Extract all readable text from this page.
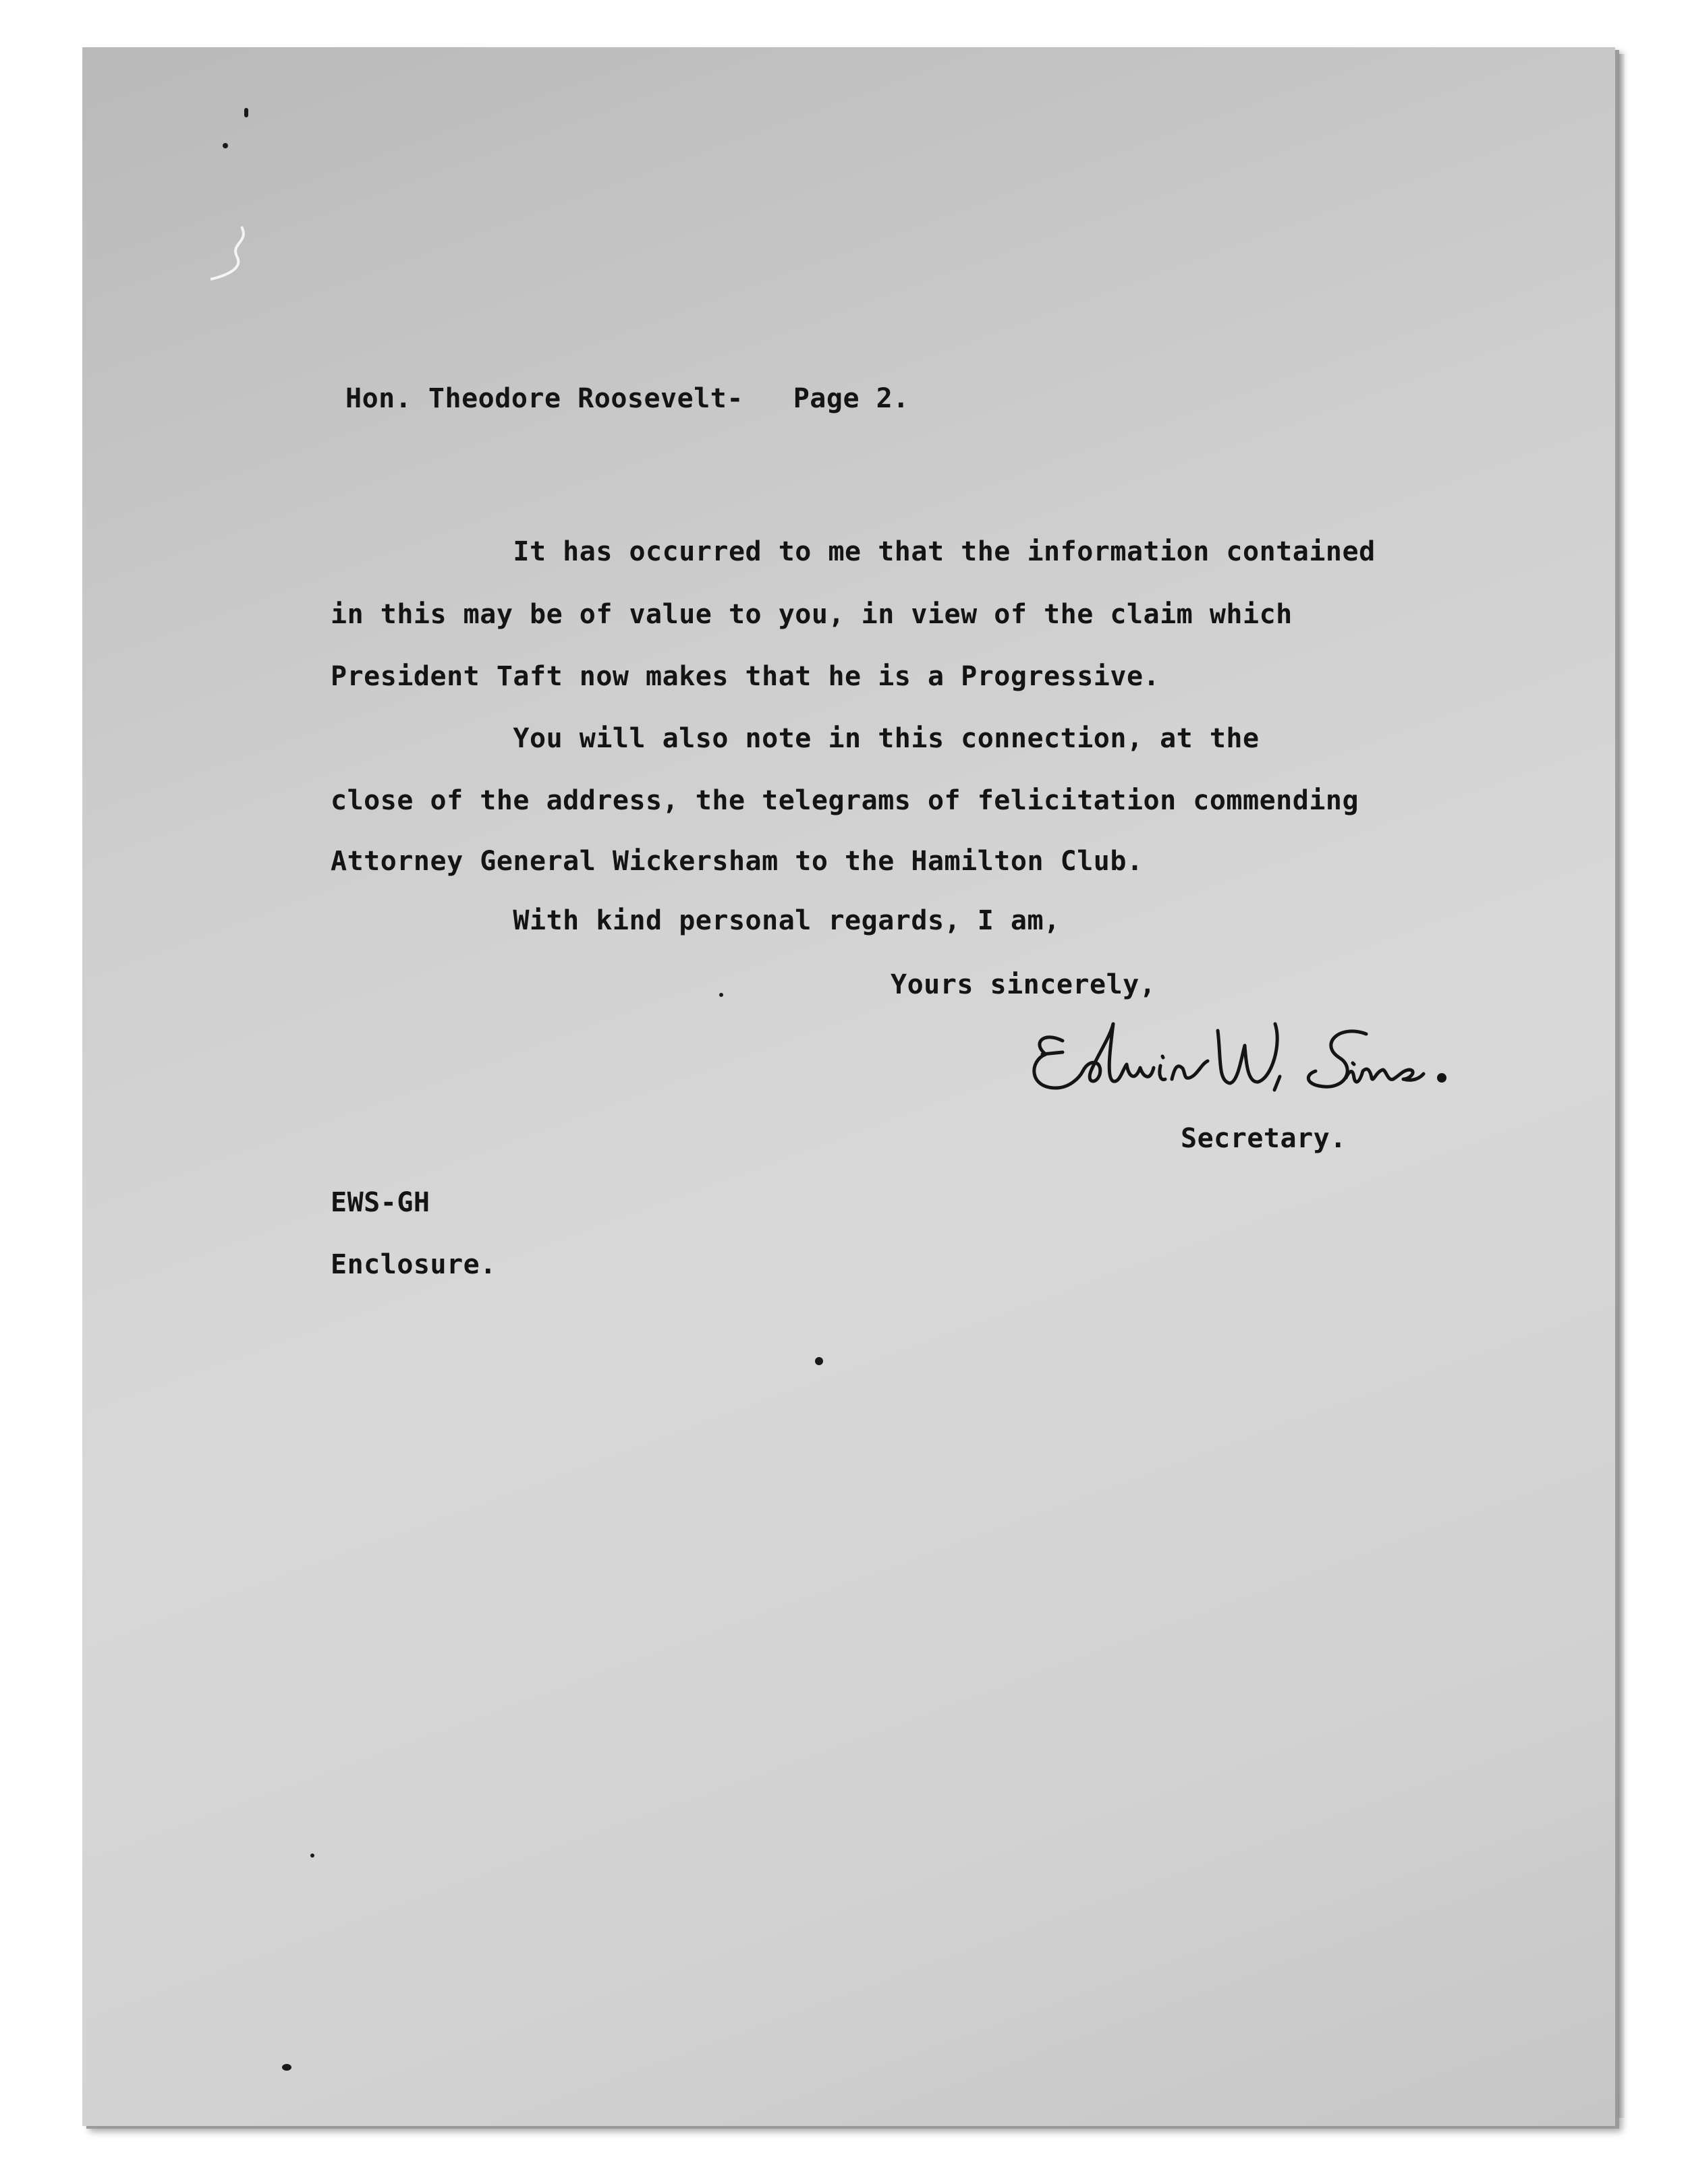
Hon. Theodore Roosevelt-   Page 2.

It has occurred to me that the information contained

in this may be of value to you, in view of the claim which

President Taft now makes that he is a Progressive.

You will also note in this connection, at the

close of the address, the telegrams of felicitation commending

Attorney General Wickersham to the Hamilton Club.

With kind personal regards, I am,

Yours sincerely,

Secretary.

EWS-GH

Enclosure.
